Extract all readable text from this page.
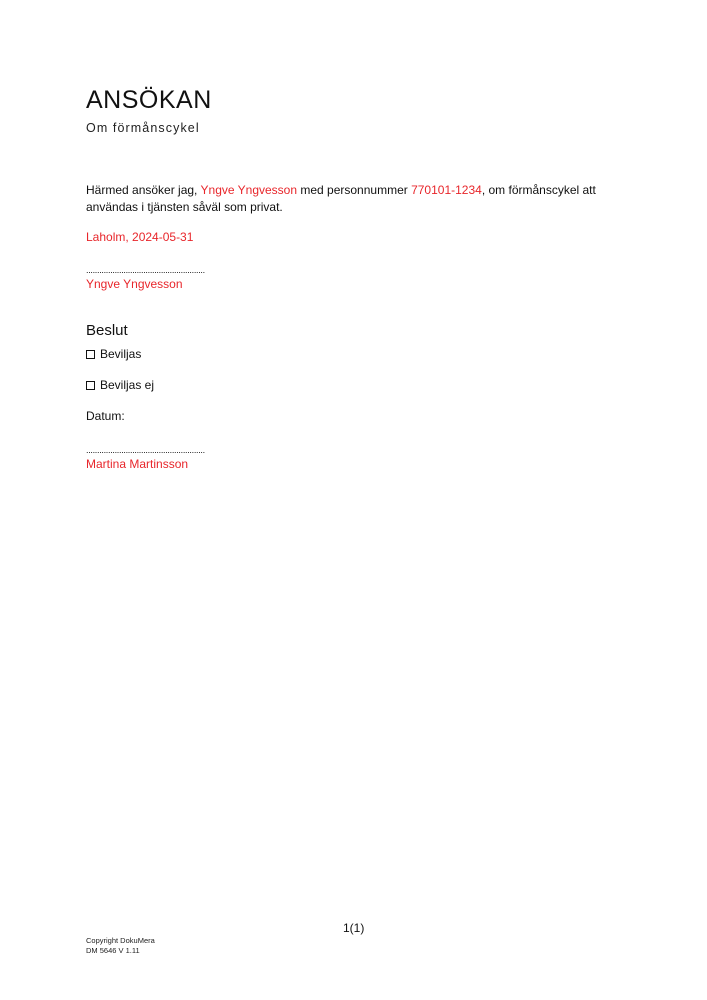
ANSÖKAN

Om förmånscykel

Härmed ansöker jag, Yngve Yngvesson med personnummer 770101-1234, om förmånscykel att användas i tjänsten såväl som privat.

Laholm, 2024-05-31

......................................................

Yngve Yngvesson

Beslut
Beviljas
Beviljas ej

Datum:

......................................................

Martina Martinsson

1(1)
Copyright DokuMera
DM 5646 V 1.11
